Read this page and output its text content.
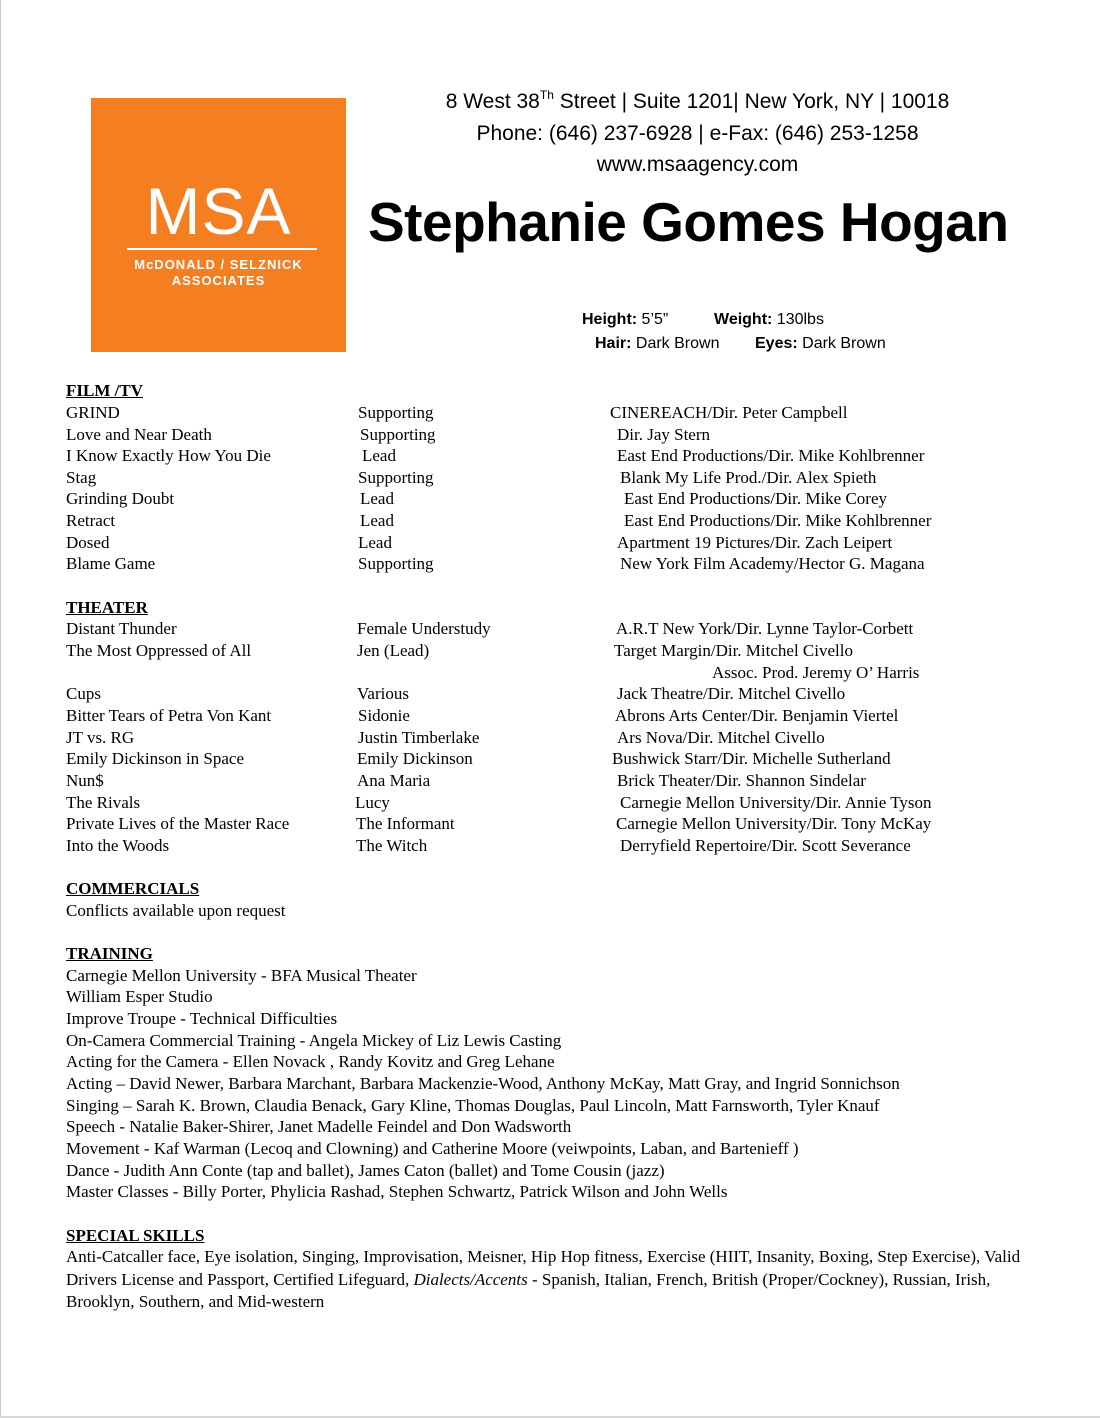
MSA
McDONALD / SELZNICK
ASSOCIATES
8 West 38Th Street | Suite 1201| New York, NY | 10018
Phone: (646) 237-6928 | e-Fax: (646) 253-1258
www.msaagency.com
Stephanie Gomes Hogan
Height: 5’5”	Weight: 130lbs
Hair: Dark Brown Eyes: Dark Brown
FILM /TV
GRIND	Supporting	CINEREACH/Dir. Peter Campbell
Love and Near Death	Supporting	Dir. Jay Stern
I Know Exactly How You Die	Lead	East End Productions/Dir. Mike Kohlbrenner
Stag	Supporting	Blank My Life Prod./Dir. Alex Spieth
Grinding Doubt	Lead	East End Productions/Dir. Mike Corey
Retract	Lead	East End Productions/Dir. Mike Kohlbrenner
Dosed	Lead	Apartment 19 Pictures/Dir. Zach Leipert
Blame Game	Supporting	New York Film Academy/Hector G. Magana
THEATER
Distant Thunder	Female Understudy	A.R.T New York/Dir. Lynne Taylor-Corbett
The Most Oppressed of All	Jen (Lead)	Target Margin/Dir. Mitchel Civello
Assoc. Prod. Jeremy O’ Harris
Cups	Various	Jack Theatre/Dir. Mitchel Civello
Bitter Tears of Petra Von Kant	Sidonie	Abrons Arts Center/Dir. Benjamin Viertel
JT vs. RG	Justin Timberlake	Ars Nova/Dir. Mitchel Civello
Emily Dickinson in Space	Emily Dickinson	Bushwick Starr/Dir. Michelle Sutherland
Nun$	Ana Maria	Brick Theater/Dir. Shannon Sindelar
The Rivals	Lucy	Carnegie Mellon University/Dir. Annie Tyson
Private Lives of the Master Race	The Informant	Carnegie Mellon University/Dir. Tony McKay
Into the Woods	The Witch	Derryfield Repertoire/Dir. Scott Severance
COMMERCIALS
Conflicts available upon request
TRAINING
Carnegie Mellon University - BFA Musical Theater
William Esper Studio
Improve Troupe - Technical Difficulties
On-Camera Commercial Training - Angela Mickey of Liz Lewis Casting
Acting for the Camera - Ellen Novack , Randy Kovitz and Greg Lehane
Acting – David Newer, Barbara Marchant, Barbara Mackenzie-Wood, Anthony McKay, Matt Gray, and Ingrid Sonnichson
Singing – Sarah K. Brown, Claudia Benack, Gary Kline, Thomas Douglas, Paul Lincoln, Matt Farnsworth, Tyler Knauf
Speech - Natalie Baker-Shirer, Janet Madelle Feindel and Don Wadsworth
Movement - Kaf Warman (Lecoq and Clowning) and Catherine Moore (veiwpoints, Laban, and Bartenieff )
Dance - Judith Ann Conte (tap and ballet), James Caton (ballet) and Tome Cousin (jazz)
Master Classes - Billy Porter, Phylicia Rashad, Stephen Schwartz, Patrick Wilson and John Wells
SPECIAL SKILLS
Anti-Catcaller face, Eye isolation, Singing, Improvisation, Meisner, Hip Hop fitness, Exercise (HIIT, Insanity, Boxing, Step Exercise), Valid Drivers License and Passport, Certified Lifeguard, Dialects/Accents - Spanish, Italian, French, British (Proper/Cockney), Russian, Irish, Brooklyn, Southern, and Mid-western
